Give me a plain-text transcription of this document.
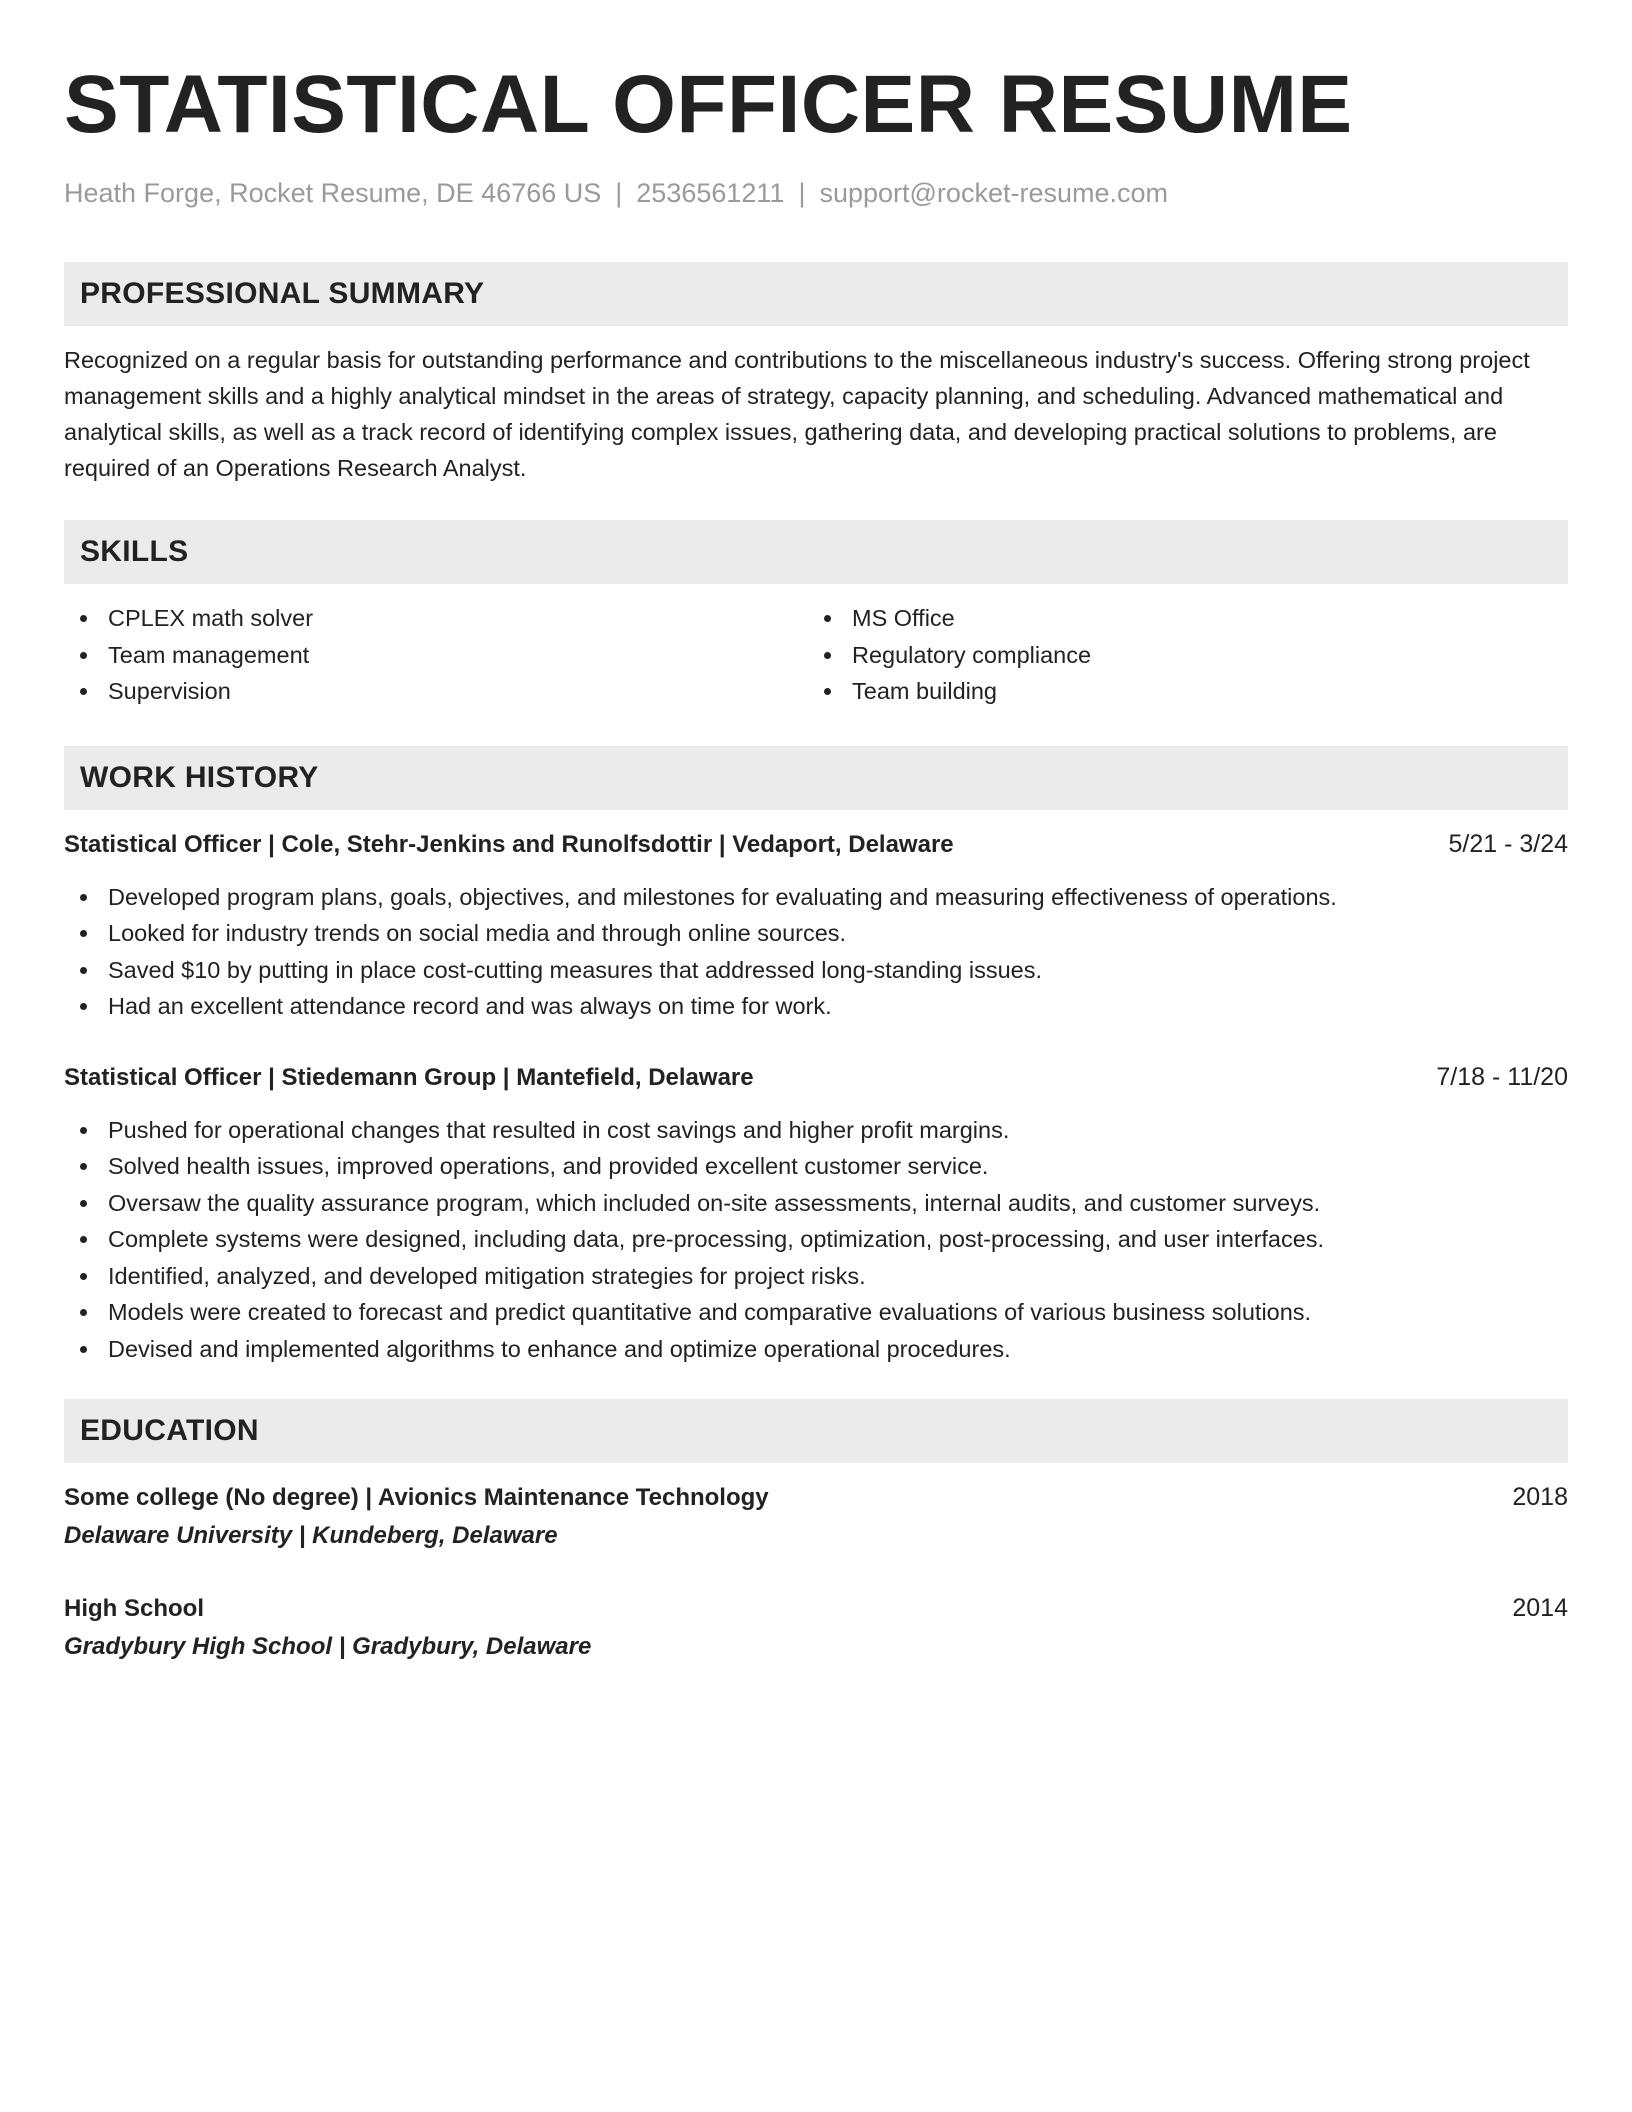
STATISTICAL OFFICER RESUME
Heath Forge, Rocket Resume, DE 46766 US | 2536561211 | support@rocket-resume.com
PROFESSIONAL SUMMARY

Recognized on a regular basis for outstanding performance and contributions to the miscellaneous industry's success. Offering strong project management skills and a highly analytical mindset in the areas of strategy, capacity planning, and scheduling. Advanced mathematical and analytical skills, as well as a track record of identifying complex issues, gathering data, and developing practical solutions to problems, are required of an Operations Research Analyst.

SKILLS
CPLEX math solver
Team management
Supervision
MS Office
Regulatory compliance
Team building
WORK HISTORY
Statistical Officer | Cole, Stehr-Jenkins and Runolfsdottir | Vedaport, Delaware	5/21 - 3/24
Developed program plans, goals, objectives, and milestones for evaluating and measuring effectiveness of operations.
Looked for industry trends on social media and through online sources.
Saved $10 by putting in place cost-cutting measures that addressed long-standing issues.
Had an excellent attendance record and was always on time for work.
Statistical Officer | Stiedemann Group | Mantefield, Delaware	7/18 - 11/20
Pushed for operational changes that resulted in cost savings and higher profit margins.
Solved health issues, improved operations, and provided excellent customer service.
Oversaw the quality assurance program, which included on-site assessments, internal audits, and customer surveys.
Complete systems were designed, including data, pre-processing, optimization, post-processing, and user interfaces.
Identified, analyzed, and developed mitigation strategies for project risks.
Models were created to forecast and predict quantitative and comparative evaluations of various business solutions.
Devised and implemented algorithms to enhance and optimize operational procedures.
EDUCATION
Some college (No degree) | Avionics Maintenance Technology	2018
Delaware University | Kundeberg, Delaware
High School	2014
Gradybury High School | Gradybury, Delaware
